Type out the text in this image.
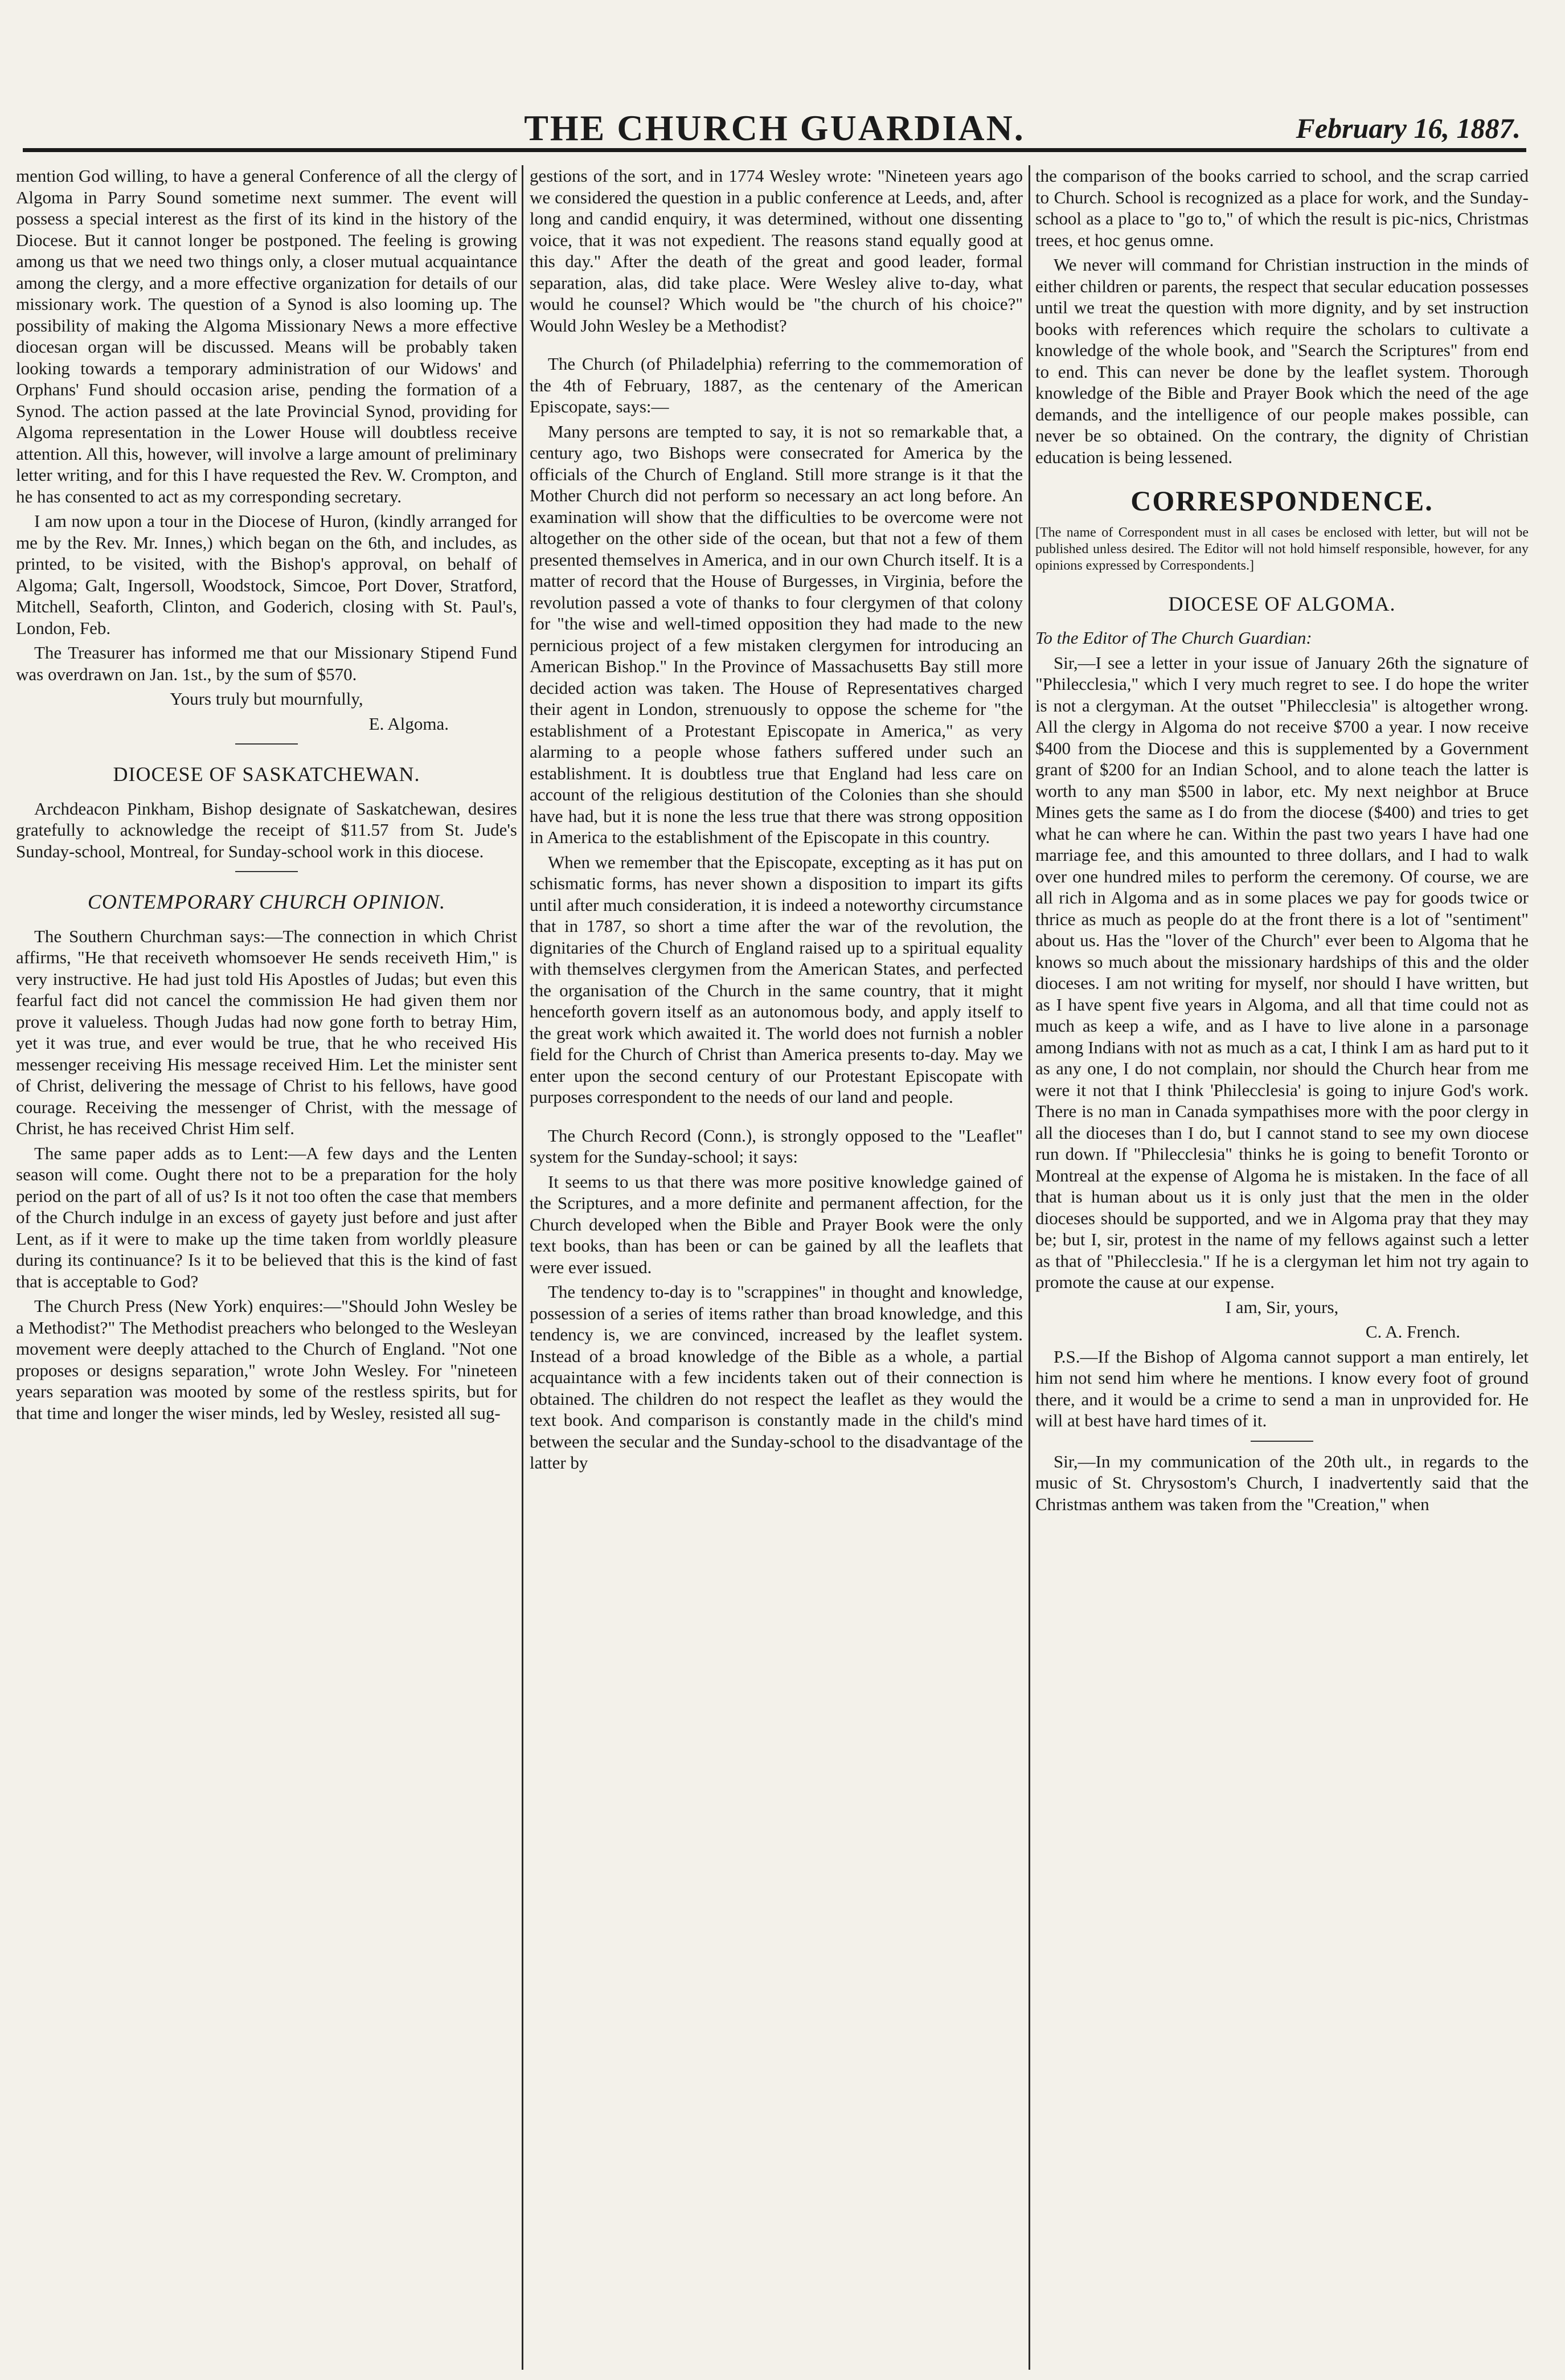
THE CHURCH GUARDIAN.	February 16, 1887.

mention God willing, to have a general Conference of all the clergy of Algoma in Parry Sound sometime next summer. The event will possess a special interest as the first of its kind in the history of the Diocese. But it cannot longer be postponed. The feeling is growing among us that we need two things only, a closer mutual acquaintance among the clergy, and a more effective organization for details of our missionary work. The question of a Synod is also looming up. The possibility of making the Algoma Missionary News a more effective diocesan organ will be discussed. Means will be probably taken looking towards a temporary administration of our Widows' and Orphans' Fund should occasion arise, pending the formation of a Synod. The action passed at the late Provincial Synod, providing for Algoma representation in the Lower House will doubtless receive attention. All this, however, will involve a large amount of preliminary letter writing, and for this I have requested the Rev. W. Crompton, and he has consented to act as my corresponding secretary.

I am now upon a tour in the Diocese of Huron, (kindly arranged for me by the Rev. Mr. Innes,) which began on the 6th, and includes, as printed, to be visited, with the Bishop's approval, on behalf of Algoma; Galt, Ingersoll, Woodstock, Simcoe, Port Dover, Stratford, Mitchell, Seaforth, Clinton, and Goderich, closing with St. Paul's, London, Feb.

The Treasurer has informed me that our Missionary Stipend Fund was overdrawn on Jan. 1st., by the sum of $570.

Yours truly but mournfully,

E. Algoma.

DIOCESE OF SASKATCHEWAN.

Archdeacon Pinkham, Bishop designate of Saskatchewan, desires gratefully to acknowledge the receipt of $11.57 from St. Jude's Sunday-school, Montreal, for Sunday-school work in this diocese.

CONTEMPORARY CHURCH OPINION.

The Southern Churchman says:—The connection in which Christ affirms, "He that receiveth whomsoever He sends receiveth Him," is very instructive. He had just told His Apostles of Judas; but even this fearful fact did not cancel the commission He had given them nor prove it valueless. Though Judas had now gone forth to betray Him, yet it was true, and ever would be true, that he who received His messenger receiving His message received Him. Let the minister sent of Christ, delivering the message of Christ to his fellows, have good courage. Receiving the messenger of Christ, with the message of Christ, he has received Christ Him self.

The same paper adds as to Lent:—A few days and the Lenten season will come. Ought there not to be a preparation for the holy period on the part of all of us? Is it not too often the case that members of the Church indulge in an excess of gayety just before and just after Lent, as if it were to make up the time taken from worldly pleasure during its continuance? Is it to be believed that this is the kind of fast that is acceptable to God?

The Church Press (New York) enquires:—"Should John Wesley be a Methodist?" The Methodist preachers who belonged to the Wesleyan movement were deeply attached to the Church of England. "Not one proposes or designs separation," wrote John Wesley. For "nineteen years separation was mooted by some of the restless spirits, but for that time and longer the wiser minds, led by Wesley, resisted all sug-

gestions of the sort, and in 1774 Wesley wrote: "Nineteen years ago we considered the question in a public conference at Leeds, and, after long and candid enquiry, it was determined, without one dissenting voice, that it was not expedient. The reasons stand equally good at this day." After the death of the great and good leader, formal separation, alas, did take place. Were Wesley alive to-day, what would he counsel? Which would be "the church of his choice?" Would John Wesley be a Methodist?

The Church (of Philadelphia) referring to the commemoration of the 4th of February, 1887, as the centenary of the American Episcopate, says:—

Many persons are tempted to say, it is not so remarkable that, a century ago, two Bishops were consecrated for America by the officials of the Church of England. Still more strange is it that the Mother Church did not perform so necessary an act long before. An examination will show that the difficulties to be overcome were not altogether on the other side of the ocean, but that not a few of them presented themselves in America, and in our own Church itself. It is a matter of record that the House of Burgesses, in Virginia, before the revolution passed a vote of thanks to four clergymen of that colony for "the wise and well-timed opposition they had made to the new pernicious project of a few mistaken clergymen for introducing an American Bishop." In the Province of Massachusetts Bay still more decided action was taken. The House of Representatives charged their agent in London, strenuously to oppose the scheme for "the establishment of a Protestant Episcopate in America," as very alarming to a people whose fathers suffered under such an establishment. It is doubtless true that England had less care on account of the religious destitution of the Colonies than she should have had, but it is none the less true that there was strong opposition in America to the establishment of the Episcopate in this country.

When we remember that the Episcopate, excepting as it has put on schismatic forms, has never shown a disposition to impart its gifts until after much consideration, it is indeed a noteworthy circumstance that in 1787, so short a time after the war of the revolution, the dignitaries of the Church of England raised up to a spiritual equality with themselves clergymen from the American States, and perfected the organisation of the Church in the same country, that it might henceforth govern itself as an autonomous body, and apply itself to the great work which awaited it. The world does not furnish a nobler field for the Church of Christ than America presents to-day. May we enter upon the second century of our Protestant Episcopate with purposes correspondent to the needs of our land and people.

The Church Record (Conn.), is strongly opposed to the "Leaflet" system for the Sunday-school; it says:

It seems to us that there was more positive knowledge gained of the Scriptures, and a more definite and permanent affection, for the Church developed when the Bible and Prayer Book were the only text books, than has been or can be gained by all the leaflets that were ever issued.

The tendency to-day is to "scrappines" in thought and knowledge, possession of a series of items rather than broad knowledge, and this tendency is, we are convinced, increased by the leaflet system. Instead of a broad knowledge of the Bible as a whole, a partial acquaintance with a few incidents taken out of their connection is obtained. The children do not respect the leaflet as they would the text book. And comparison is constantly made in the child's mind between the secular and the Sunday-school to the disadvantage of the latter by

the comparison of the books carried to school, and the scrap carried to Church. School is recognized as a place for work, and the Sunday-school as a place to "go to," of which the result is pic-nics, Christmas trees, et hoc genus omne.

We never will command for Christian instruction in the minds of either children or parents, the respect that secular education possesses until we treat the question with more dignity, and by set instruction books with references which require the scholars to cultivate a knowledge of the whole book, and "Search the Scriptures" from end to end. This can never be done by the leaflet system. Thorough knowledge of the Bible and Prayer Book which the need of the age demands, and the intelligence of our people makes possible, can never be so obtained. On the contrary, the dignity of Christian education is being lessened.

CORRESPONDENCE.

[The name of Correspondent must in all cases be enclosed with letter, but will not be published unless desired. The Editor will not hold himself responsible, however, for any opinions expressed by Correspondents.]

DIOCESE OF ALGOMA.

To the Editor of The Church Guardian:

Sir,—I see a letter in your issue of January 26th the signature of "Philecclesia," which I very much regret to see. I do hope the writer is not a clergyman. At the outset "Philecclesia" is altogether wrong. All the clergy in Algoma do not receive $700 a year. I now receive $400 from the Diocese and this is supplemented by a Government grant of $200 for an Indian School, and to alone teach the latter is worth to any man $500 in labor, etc. My next neighbor at Bruce Mines gets the same as I do from the diocese ($400) and tries to get what he can where he can. Within the past two years I have had one marriage fee, and this amounted to three dollars, and I had to walk over one hundred miles to perform the ceremony. Of course, we are all rich in Algoma and as in some places we pay for goods twice or thrice as much as people do at the front there is a lot of "sentiment" about us. Has the "lover of the Church" ever been to Algoma that he knows so much about the missionary hardships of this and the older dioceses. I am not writing for myself, nor should I have written, but as I have spent five years in Algoma, and all that time could not as much as keep a wife, and as I have to live alone in a parsonage among Indians with not as much as a cat, I think I am as hard put to it as any one, I do not complain, nor should the Church hear from me were it not that I think 'Philecclesia' is going to injure God's work. There is no man in Canada sympathises more with the poor clergy in all the dioceses than I do, but I cannot stand to see my own diocese run down. If "Philecclesia" thinks he is going to benefit Toronto or Montreal at the expense of Algoma he is mistaken. In the face of all that is human about us it is only just that the men in the older dioceses should be supported, and we in Algoma pray that they may be; but I, sir, protest in the name of my fellows against such a letter as that of "Philecclesia." If he is a clergyman let him not try again to promote the cause at our expense.

I am, Sir, yours,

C. A. French.

P.S.—If the Bishop of Algoma cannot support a man entirely, let him not send him where he mentions. I know every foot of ground there, and it would be a crime to send a man in unprovided for. He will at best have hard times of it.

Sir,—In my communication of the 20th ult., in regards to the music of St. Chrysostom's Church, I inadvertently said that the Christmas anthem was taken from the "Creation," when
